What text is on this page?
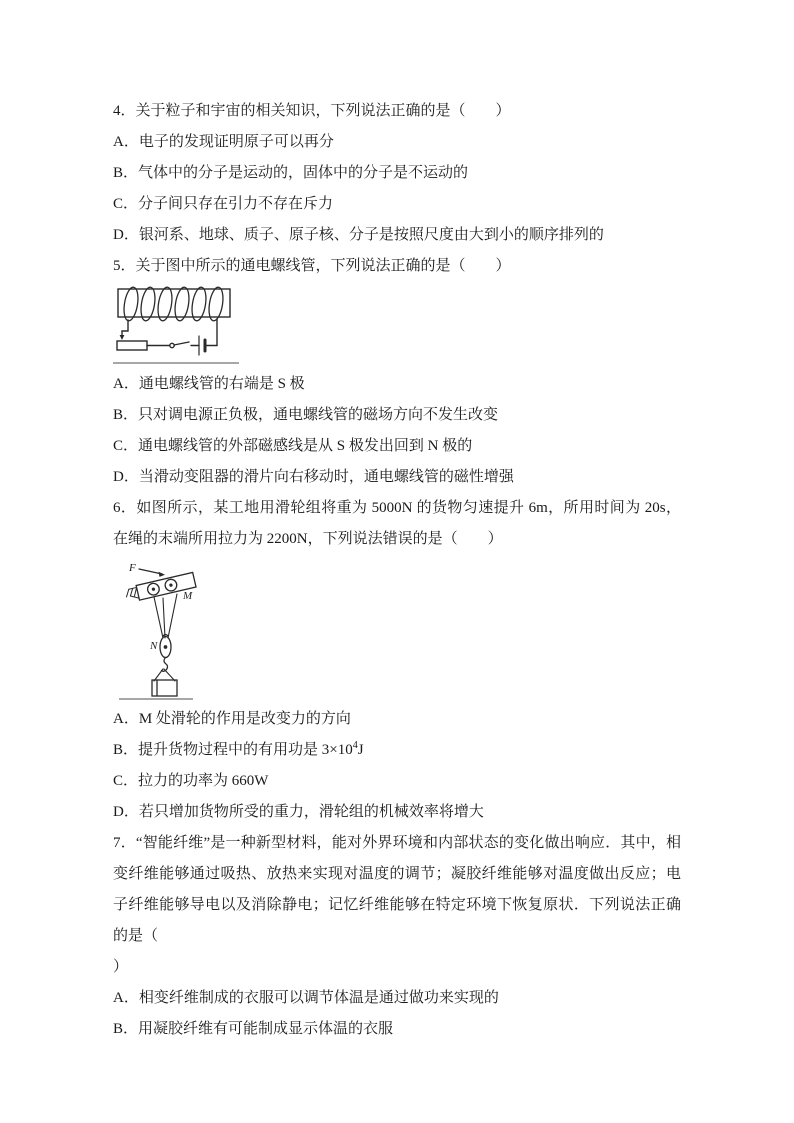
4．关于粒子和宇宙的相关知识，下列说法正确的是（　　）

A．电子的发现证明原子可以再分

B．气体中的分子是运动的，固体中的分子是不运动的

C．分子间只存在引力不存在斥力

D．银河系、地球、质子、原子核、分子是按照尺度由大到小的顺序排列的

5．关于图中所示的通电螺线管，下列说法正确的是（　　）

A．通电螺线管的右端是 S 极

B．只对调电源正负极，通电螺线管的磁场方向不发生改变

C．通电螺线管的外部磁感线是从 S 极发出回到 N 极的

D．当滑动变阻器的滑片向右移动时，通电螺线管的磁性增强

6．如图所示，某工地用滑轮组将重为 5000N 的货物匀速提升 6m，所用时间为 20s，在绳的末端所用拉力为 2200N，下列说法错误的是（　　）

F
M
N

A．M 处滑轮的作用是改变力的方向

B．提升货物过程中的有用功是 $3\times 10^4J$

C．拉力的功率为 660W

D．若只增加货物所受的重力，滑轮组的机械效率将增大

7．“智能纤维”是一种新型材料，能对外界环境和内部状态的变化做出响应．其中，相变纤维能够通过吸热、放热来实现对温度的调节；凝胶纤维能够对温度做出反应；电子纤维能够导电以及消除静电；记忆纤维能够在特定环境下恢复原状．下列说法正确的是（

）

A．相变纤维制成的衣服可以调节体温是通过做功来实现的

B．用凝胶纤维有可能制成显示体温的衣服
